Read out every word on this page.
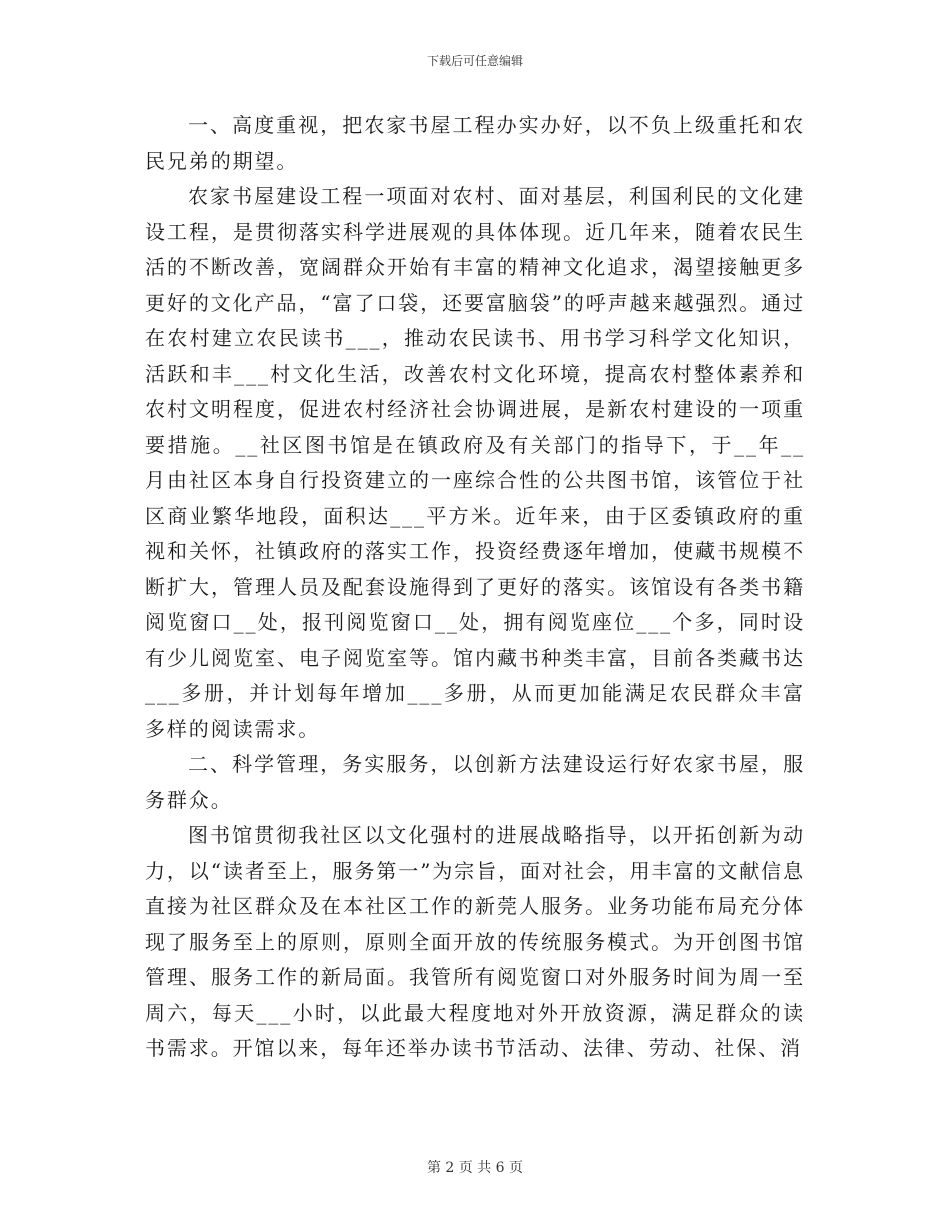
下载后可任意编辑

一、高度重视，把农家书屋工程办实办好，以不负上级重托和农民兄弟的期望。

农家书屋建设工程一项面对农村、面对基层，利国利民的文化建设工程，是贯彻落实科学进展观的具体体现。近几年来，随着农民生活的不断改善，宽阔群众开始有丰富的精神文化追求，渴望接触更多更好的文化产品，“富了口袋，还要富脑袋”的呼声越来越强烈。通过在农村建立农民读书___，推动农民读书、用书学习科学文化知识，活跃和丰___村文化生活，改善农村文化环境，提高农村整体素养和农村文明程度，促进农村经济社会协调进展，是新农村建设的一项重要措施。__社区图书馆是在镇政府及有关部门的指导下，于__年__月由社区本身自行投资建立的一座综合性的公共图书馆，该管位于社区商业繁华地段，面积达___平方米。近年来，由于区委镇政府的重视和关怀，社镇政府的落实工作，投资经费逐年增加，使藏书规模不断扩大，管理人员及配套设施得到了更好的落实。该馆设有各类书籍阅览窗口__处，报刊阅览窗口__处，拥有阅览座位___个多，同时设有少儿阅览室、电子阅览室等。馆内藏书种类丰富，目前各类藏书达___多册，并计划每年增加___多册，从而更加能满足农民群众丰富多样的阅读需求。

二、科学管理，务实服务，以创新方法建设运行好农家书屋，服务群众。

图书馆贯彻我社区以文化强村的进展战略指导，以开拓创新为动力，以“读者至上，服务第一”为宗旨，面对社会，用丰富的文献信息直接为社区群众及在本社区工作的新莞人服务。业务功能布局充分体现了服务至上的原则，原则全面开放的传统服务模式。为开创图书馆管理、服务工作的新局面。我管所有阅览窗口对外服务时间为周一至周六，每天___小时，以此最大程度地对外开放资源，满足群众的读书需求。开馆以来，每年还举办读书节活动、法律、劳动、社保、消

第 2 页 共 6 页
